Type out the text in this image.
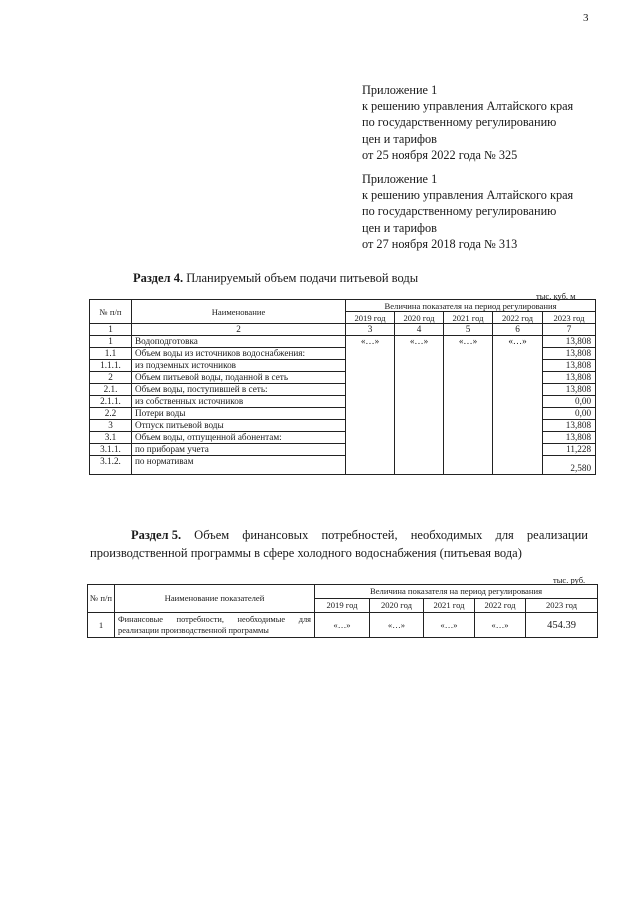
3
Приложение 1
к решению управления Алтайского края
по государственному регулированию
цен и тарифов
от 25 ноября 2022 года № 325
Приложение 1
к решению управления Алтайского края
по государственному регулированию
цен и тарифов
от 27 ноября 2018 года № 313
Раздел 4. Планируемый объем подачи питьевой воды
тыс. куб. м
№ п/п	Наименование	Величина показателя на период регулирования				
		2019 год	2020 год	2021 год	2022 год	2023 год
1	2	3	4	5	6	7
1	Водоподготовка	«…»	«…»	«…»	«…»	13,808
1.1	Объем воды из источников водоснабжения:					13,808
1.1.1.	из подземных источников					13,808
2	Объем питьевой воды, поданной в сеть					13,808
2.1.	Объем воды, поступившей в сеть:					13,808
2.1.1.	из собственных источников					0,00
2.2	Потери воды					0,00
3	Отпуск питьевой воды					13,808
3.1	Объем воды, отпущенной абонентам:					13,808
3.1.1.	по приборам учета					11,228
3.1.2.	по нормативам					2,580
Раздел 5. Объем финансовых потребностей, необходимых для реализации
производственной программы в сфере холодного водоснабжения (питьевая вода)
тыс. руб.
№ п/п	Наименование показателей	Величина показателя на период регулирования				
		2019 год	2020 год	2021 год	2022 год	2023 год
1	Финансовые потребности, необходимые для реализации производственной программы	«…»	«…»	«…»	«…»	454.39
